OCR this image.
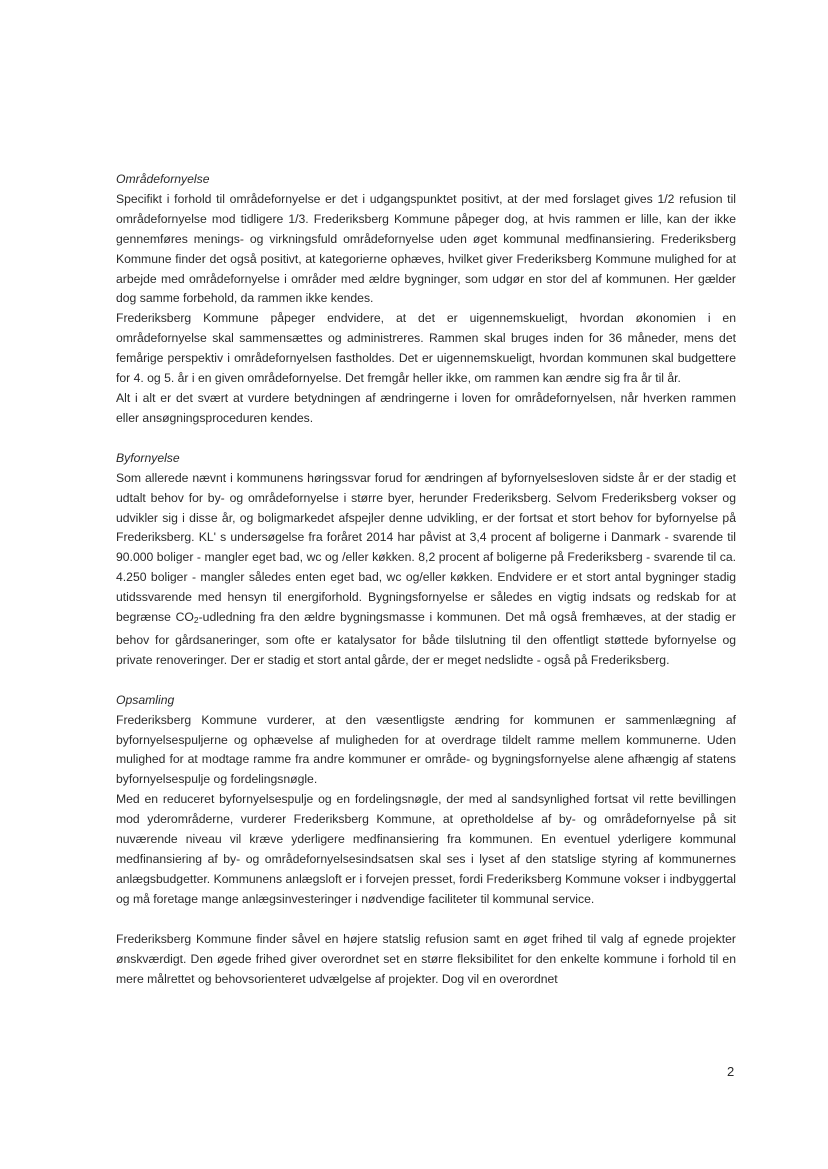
Områdefornyelse

Specifikt i forhold til områdefornyelse er det i udgangspunktet positivt, at der med forslaget gives 1/2 refusion til områdefornyelse mod tidligere 1/3. Frederiksberg Kommune påpeger dog, at hvis rammen er lille, kan der ikke gennemføres menings- og virkningsfuld områdefornyelse uden øget kommunal medfinansiering. Frederiksberg Kommune finder det også positivt, at kategorierne ophæves, hvilket giver Frederiksberg Kommune mulighed for at arbejde med områdefornyelse i områder med ældre bygninger, som udgør en stor del af kommunen. Her gælder dog samme forbehold, da rammen ikke kendes.

Frederiksberg Kommune påpeger endvidere, at det er uigennemskueligt, hvordan økonomien i en områdefornyelse skal sammensættes og administreres. Rammen skal bruges inden for 36 måneder, mens det femårige perspektiv i områdefornyelsen fastholdes. Det er uigennemskueligt, hvordan kommunen skal budgettere for 4. og 5. år i en given områdefornyelse. Det fremgår heller ikke, om rammen kan ændre sig fra år til år.

Alt i alt er det svært at vurdere betydningen af ændringerne i loven for områdefornyelsen, når hverken rammen eller ansøgningsproceduren kendes.

Byfornyelse

Som allerede nævnt i kommunens høringssvar forud for ændringen af byfornyelsesloven sidste år er der stadig et udtalt behov for by- og områdefornyelse i større byer, herunder Frederiksberg. Selvom Frederiksberg vokser og udvikler sig i disse år, og boligmarkedet afspejler denne udvikling, er der fortsat et stort behov for byfornyelse på Frederiksberg. KL' s undersøgelse fra foråret 2014 har påvist at 3,4 procent af boligerne i Danmark - svarende til 90.000 boliger - mangler eget bad, wc og /eller køkken. 8,2 procent af boligerne på Frederiksberg - svarende til ca. 4.250 boliger - mangler således enten eget bad, wc og/eller køkken. Endvidere er et stort antal bygninger stadig utidssvarende med hensyn til energiforhold. Bygningsfornyelse er således en vigtig indsats og redskab for at begrænse $CO_2$-udledning fra den ældre bygningsmasse i kommunen. Det må også fremhæves, at der stadig er behov for gårdsaneringer, som ofte er katalysator for både tilslutning til den offentligt støttede byfornyelse og private renoveringer. Der er stadig et stort antal gårde, der er meget nedslidte - også på Frederiksberg.

Opsamling

Frederiksberg Kommune vurderer, at den væsentligste ændring for kommunen er sammenlægning af byfornyelsespuljerne og ophævelse af muligheden for at overdrage tildelt ramme mellem kommunerne. Uden mulighed for at modtage ramme fra andre kommuner er område- og bygningsfornyelse alene afhængig af statens byfornyelsespulje og fordelingsnøgle.

Med en reduceret byfornyelsespulje og en fordelingsnøgle, der med al sandsynlighed fortsat vil rette bevillingen mod yderområderne, vurderer Frederiksberg Kommune, at opretholdelse af by- og områdefornyelse på sit nuværende niveau vil kræve yderligere medfinansiering fra kommunen. En eventuel yderligere kommunal medfinansiering af by- og områdefornyelsesindsatsen skal ses i lyset af den statslige styring af kommunernes anlægsbudgetter. Kommunens anlægsloft er i forvejen presset, fordi Frederiksberg Kommune vokser i indbyggertal og må foretage mange anlægsinvesteringer i nødvendige faciliteter til kommunal service.

Frederiksberg Kommune finder såvel en højere statslig refusion samt en øget frihed til valg af egnede projekter ønskværdigt. Den øgede frihed giver overordnet set en større fleksibilitet for den enkelte kommune i forhold til en mere målrettet og behovsorienteret udvælgelse af projekter. Dog vil en overordnet

2
